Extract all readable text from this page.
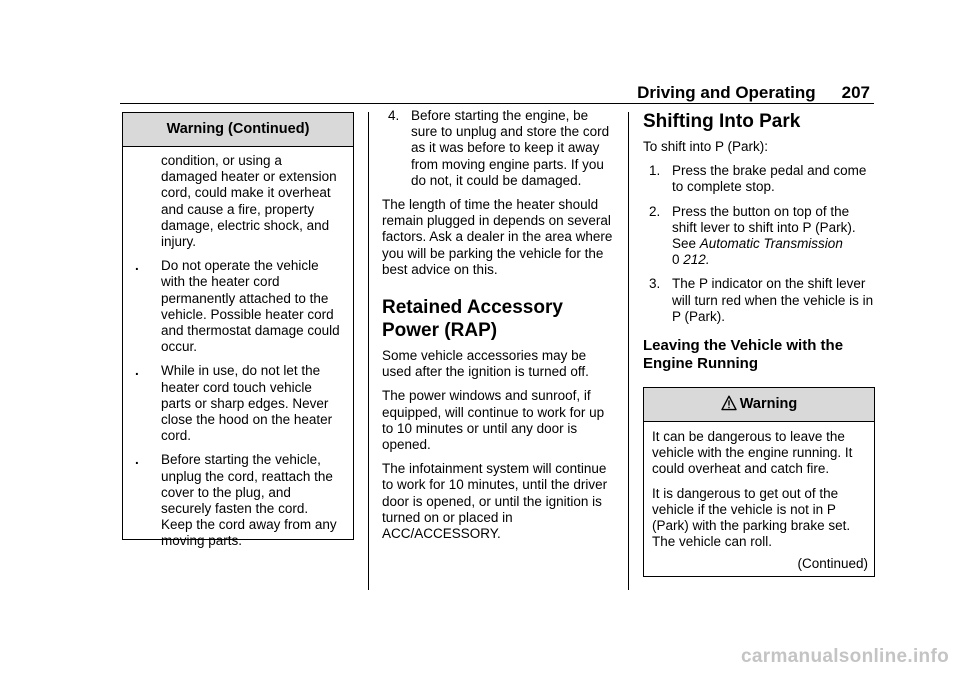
Driving and Operating 207
Warning (Continued)
condition, or using a damaged heater or extension cord, could make it overheat and cause a fire, property damage, electric shock, and injury.
.	Do not operate the vehicle with the heater cord permanently attached to the vehicle. Possible heater cord and thermostat damage could occur.
.	While in use, do not let the heater cord touch vehicle parts or sharp edges. Never close the hood on the heater cord.
.	Before starting the vehicle, unplug the cord, reattach the cover to the plug, and securely fasten the cord. Keep the cord away from any moving parts.
4. Before starting the engine, be sure to unplug and store the cord as it was before to keep it away from moving engine parts. If you do not, it could be damaged.

The length of time the heater should remain plugged in depends on several factors. Ask a dealer in the area where you will be parking the vehicle for the best advice on this.

Retained Accessory Power (RAP)

Some vehicle accessories may be used after the ignition is turned off.

The power windows and sunroof, if equipped, will continue to work for up to 10 minutes or until any door is opened.

The infotainment system will continue to work for 10 minutes, until the driver door is opened, or until the ignition is turned on or placed in ACC/ACCESSORY.

Shifting Into Park

To shift into P (Park):

1. Press the brake pedal and come to complete stop.
2. Press the button on top of the shift lever to shift into P (Park). See Automatic Transmission
0 212.
3. The P indicator on the shift lever will turn red when the vehicle is in P (Park).
Leaving the Vehicle with the Engine Running
Warning

It can be dangerous to leave the vehicle with the engine running. It could overheat and catch fire.

It is dangerous to get out of the vehicle if the vehicle is not in P (Park) with the parking brake set. The vehicle can roll.

(Continued)
carmanualsonline.info
